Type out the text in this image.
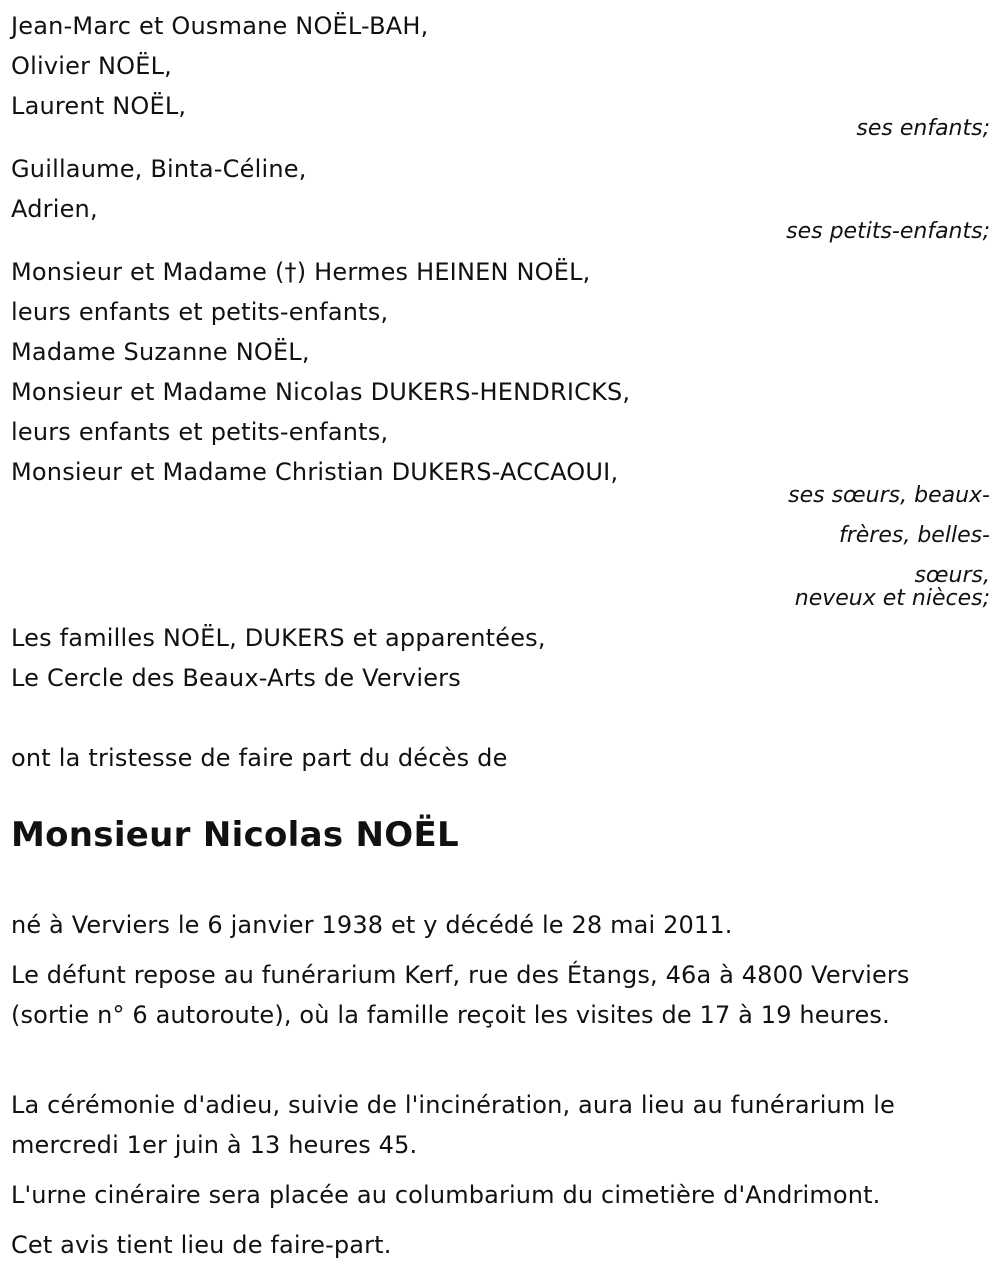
Jean-Marc et Ousmane NOËL-BAH,
Olivier NOËL,
Laurent NOËL,
ses enfants;
Guillaume, Binta-Céline,
Adrien,
ses petits-enfants;
Monsieur et Madame (†) Hermes HEINEN NOËL,
leurs enfants et petits-enfants,
Madame Suzanne NOËL,
Monsieur et Madame Nicolas DUKERS-HENDRICKS,
leurs enfants et petits-enfants,
Monsieur et Madame Christian DUKERS-ACCAOUI,
ses sœurs, beaux-
frères, belles-
sœurs,
neveux et nièces;
Les familles NOËL, DUKERS et apparentées,
Le Cercle des Beaux-Arts de Verviers
ont la tristesse de faire part du décès de
Monsieur Nicolas NOËL
né à Verviers le 6 janvier 1938 et y décédé le 28 mai 2011.
Le défunt repose au funérarium Kerf, rue des Étangs, 46a à 4800 Verviers (sortie n° 6 autoroute), où la famille reçoit les visites de 17 à 19 heures.
La cérémonie d'adieu, suivie de l'incinération, aura lieu au funérarium le mercredi 1er juin à 13 heures 45.
L'urne cinéraire sera placée au columbarium du cimetière d'Andrimont.
Cet avis tient lieu de faire-part.
